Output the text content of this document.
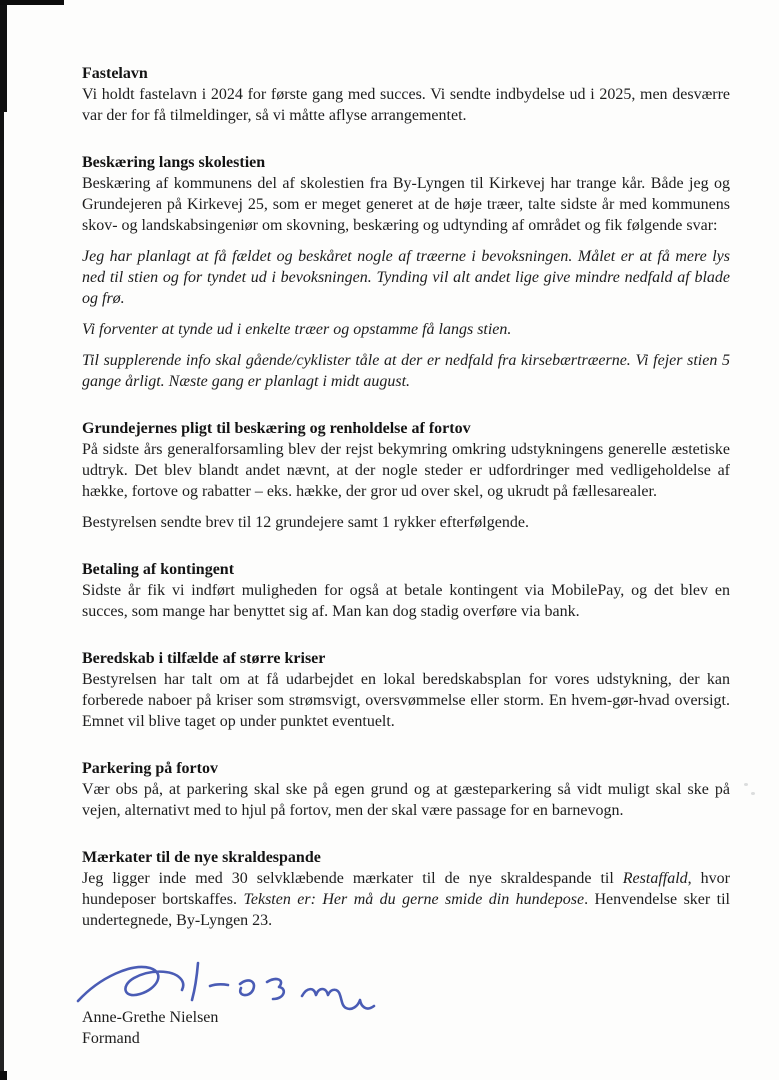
Fastelavn

Vi holdt fastelavn i 2024 for første gang med succes. Vi sendte indbydelse ud i 2025, men desværre var der for få tilmeldinger, så vi måtte aflyse arrangementet.

Beskæring langs skolestien

Beskæring af kommunens del af skolestien fra By-Lyngen til Kirkevej har trange kår. Både jeg og Grundejeren på Kirkevej 25, som er meget generet at de høje træer, talte sidste år med kommunens skov- og landskabsingeniør om skovning, beskæring og udtynding af området og fik følgende svar:

Jeg har planlagt at få fældet og beskåret nogle af træerne i bevoksningen. Målet er at få mere lys ned til stien og for tyndet ud i bevoksningen. Tynding vil alt andet lige give mindre nedfald af blade og frø.

Vi forventer at tynde ud i enkelte træer og opstamme få langs stien.

Til supplerende info skal gående/cyklister tåle at der er nedfald fra kirsebærtræerne. Vi fejer stien 5 gange årligt. Næste gang er planlagt i midt august.

Grundejernes pligt til beskæring og renholdelse af fortov

På sidste års generalforsamling blev der rejst bekymring omkring udstykningens generelle æstetiske udtryk. Det blev blandt andet nævnt, at der nogle steder er udfordringer med vedligeholdelse af hække, fortove og rabatter – eks. hække, der gror ud over skel, og ukrudt på fællesarealer.

Bestyrelsen sendte brev til 12 grundejere samt 1 rykker efterfølgende.

Betaling af kontingent

Sidste år fik vi indført muligheden for også at betale kontingent via MobilePay, og det blev en succes, som mange har benyttet sig af. Man kan dog stadig overføre via bank.

Beredskab i tilfælde af større kriser

Bestyrelsen har talt om at få udarbejdet en lokal beredskabsplan for vores udstykning, der kan forberede naboer på kriser som strømsvigt, oversvømmelse eller storm. En hvem-gør-hvad oversigt. Emnet vil blive taget op under punktet eventuelt.

Parkering på fortov

Vær obs på, at parkering skal ske på egen grund og at gæsteparkering så vidt muligt skal ske på vejen, alternativt med to hjul på fortov, men der skal være passage for en barnevogn.

Mærkater til de nye skraldespande

Jeg ligger inde med 30 selvklæbende mærkater til de nye skraldespande til Restaffald, hvor hundeposer bortskaffes. Teksten er: Her må du gerne smide din hundepose. Henvendelse sker til undertegnede, By-Lyngen 23.

Anne-Grethe Nielsen

Formand
